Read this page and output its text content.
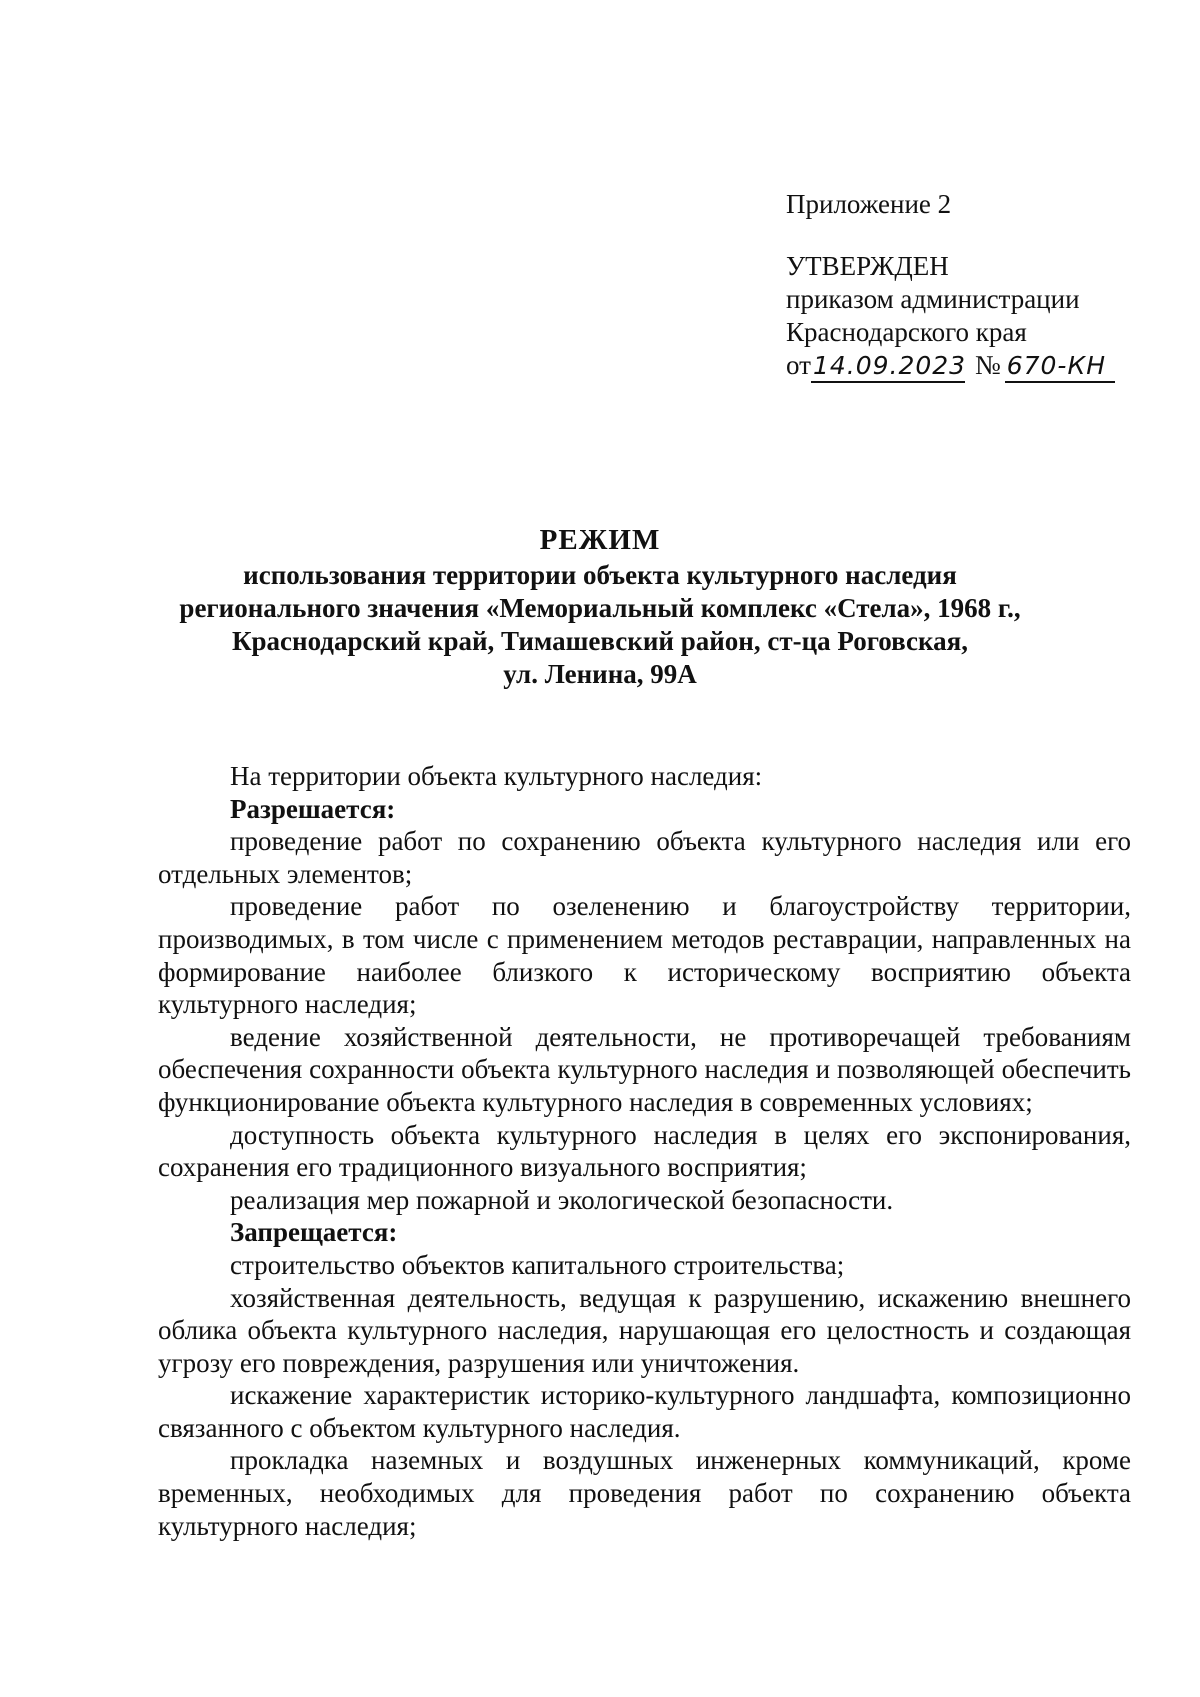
Приложение 2
УТВЕРЖДЕН
приказом администрации
Краснодарского края
от 14.09.2023 № 670-КН
РЕЖИМ
использования территории объекта культурного наследия
регионального значения «Мемориальный комплекс «Стела», 1968 г.,
Краснодарский край, Тимашевский район, ст-ца Роговская,
ул. Ленина, 99А

На территории объекта культурного наследия:

Разрешается:

проведение работ по сохранению объекта культурного наследия или его отдельных элементов;

проведение работ по озеленению и благоустройству территории, производимых, в том числе с применением методов реставрации, направленных на формирование наиболее близкого к историческому восприятию объекта культурного наследия;

ведение хозяйственной деятельности, не противоречащей требованиям обеспечения сохранности объекта культурного наследия и позволяющей обеспечить функционирование объекта культурного наследия в современных условиях;

доступность объекта культурного наследия в целях его экспонирования, сохранения его традиционного визуального восприятия;

реализация мер пожарной и экологической безопасности.

Запрещается:

строительство объектов капитального строительства;

хозяйственная деятельность, ведущая к разрушению, искажению внешнего облика объекта культурного наследия, нарушающая его целостность и создающая угрозу его повреждения, разрушения или уничтожения.

искажение характеристик историко-культурного ландшафта, композиционно связанного с объектом культурного наследия.

прокладка наземных и воздушных инженерных коммуникаций, кроме временных, необходимых для проведения работ по сохранению объекта культурного наследия;
